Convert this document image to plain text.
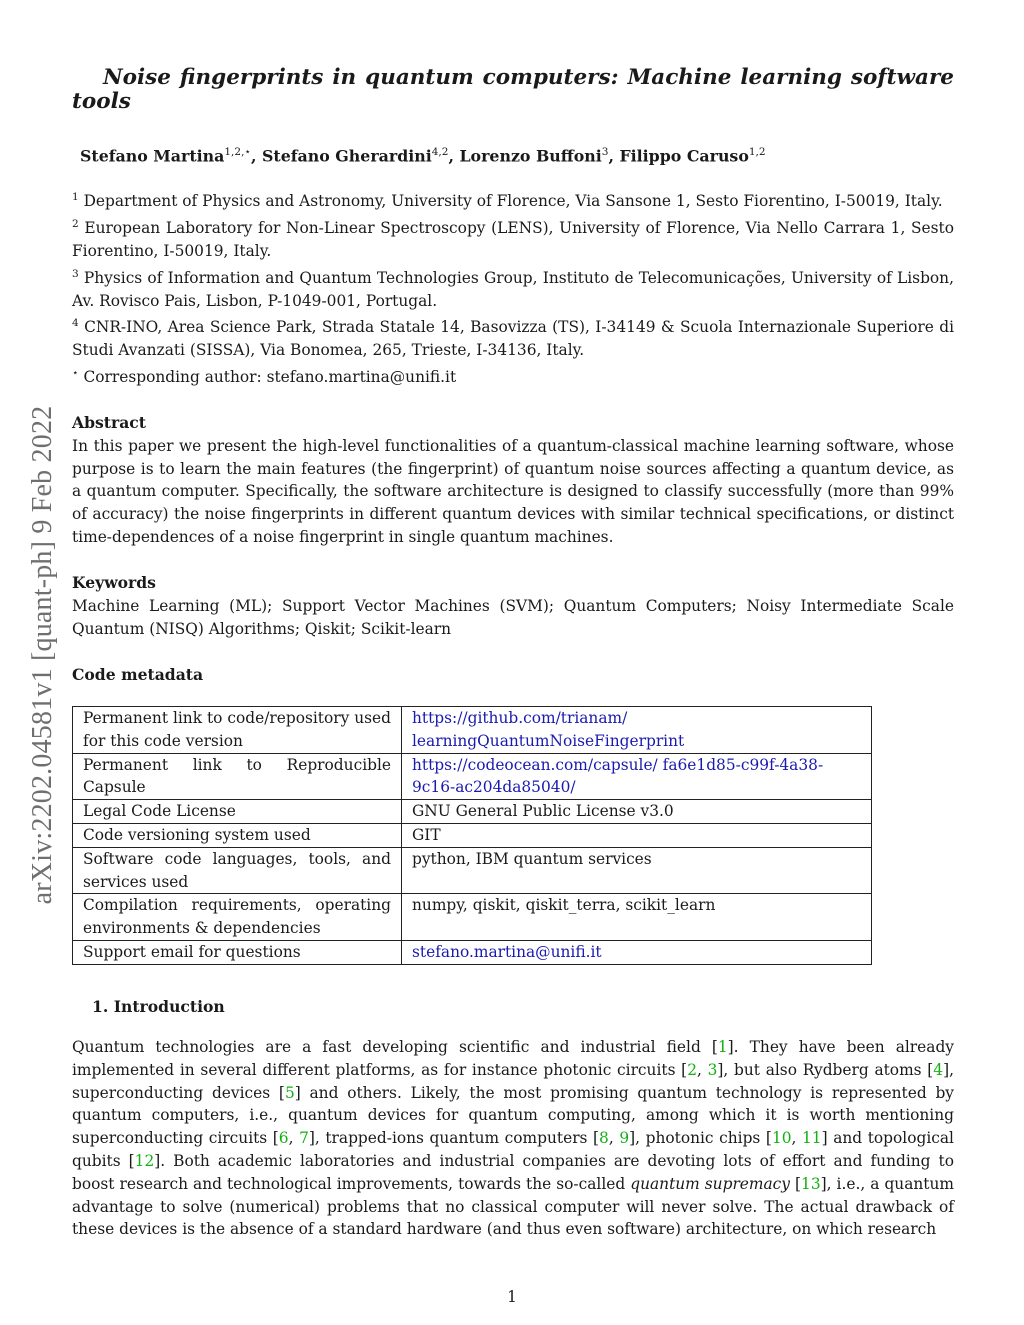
arXiv:2202.04581v1 [quant-ph] 9 Feb 2022
Noise fingerprints in quantum computers: Machine learning software tools
Stefano Martina$^{1,2,⋆}$, Stefano Gherardini$^{4,2}$, Lorenzo Buffoni$^3$, Filippo Caruso$^{1,2}$

$^1$ Department of Physics and Astronomy, University of Florence, Via Sansone 1, Sesto Fiorentino, I-50019, Italy.

$^2$ European Laboratory for Non-Linear Spectroscopy (LENS), University of Florence, Via Nello Carrara 1, Sesto Fiorentino, I-50019, Italy.

$^3$ Physics of Information and Quantum Technologies Group, Instituto de Telecomunicações, University of Lisbon, Av. Rovisco Pais, Lisbon, P-1049-001, Portugal.

$^4$ CNR-INO, Area Science Park, Strada Statale 14, Basovizza (TS), I-34149 & Scuola Internazionale Superiore di Studi Avanzati (SISSA), Via Bonomea, 265, Trieste, I-34136, Italy.

⋆ Corresponding author: stefano.martina@unifi.it

Abstract

In this paper we present the high-level functionalities of a quantum-classical machine learning software, whose purpose is to learn the main features (the fingerprint) of quantum noise sources affecting a quantum device, as a quantum computer. Specifically, the software architecture is designed to classify successfully (more than 99% of accuracy) the noise fingerprints in different quantum devices with similar technical specifications, or distinct time-dependences of a noise fingerprint in single quantum machines.

Keywords

Machine Learning (ML); Support Vector Machines (SVM); Quantum Computers; Noisy Intermediate Scale Quantum (NISQ) Algorithms; Qiskit; Scikit-learn

Code metadata

Permanent link to code/repository used for this code version	https://github.com/trianam/ learningQuantumNoiseFingerprint
Permanent link to Reproducible Capsule	https://codeocean.com/capsule/ fa6e1d85-c99f-4a38-9c16-ac204da85040/
Legal Code License	GNU General Public License v3.0
Code versioning system used	GIT
Software code languages, tools, and services used	python, IBM quantum services
Compilation requirements, operating environments & dependencies	numpy, qiskit, qiskit_terra, scikit_learn
Support email for questions	stefano.martina@unifi.it

1. Introduction

Quantum technologies are a fast developing scientific and industrial field [1]. They have been already implemented in several different platforms, as for instance photonic circuits [2, 3], but also Rydberg atoms [4], superconducting devices [5] and others. Likely, the most promising quantum technology is represented by quantum computers, i.e., quantum devices for quantum computing, among which it is worth mentioning superconducting circuits [6, 7], trapped-ions quantum computers [8, 9], photonic chips [10, 11] and topological qubits [12]. Both academic laboratories and industrial companies are devoting lots of effort and funding to boost research and technological improvements, towards the so-called quantum supremacy [13], i.e., a quantum advantage to solve (numerical) problems that no classical computer will never solve. The actual drawback of these devices is the absence of a standard hardware (and thus even software) architecture, on which research

1
